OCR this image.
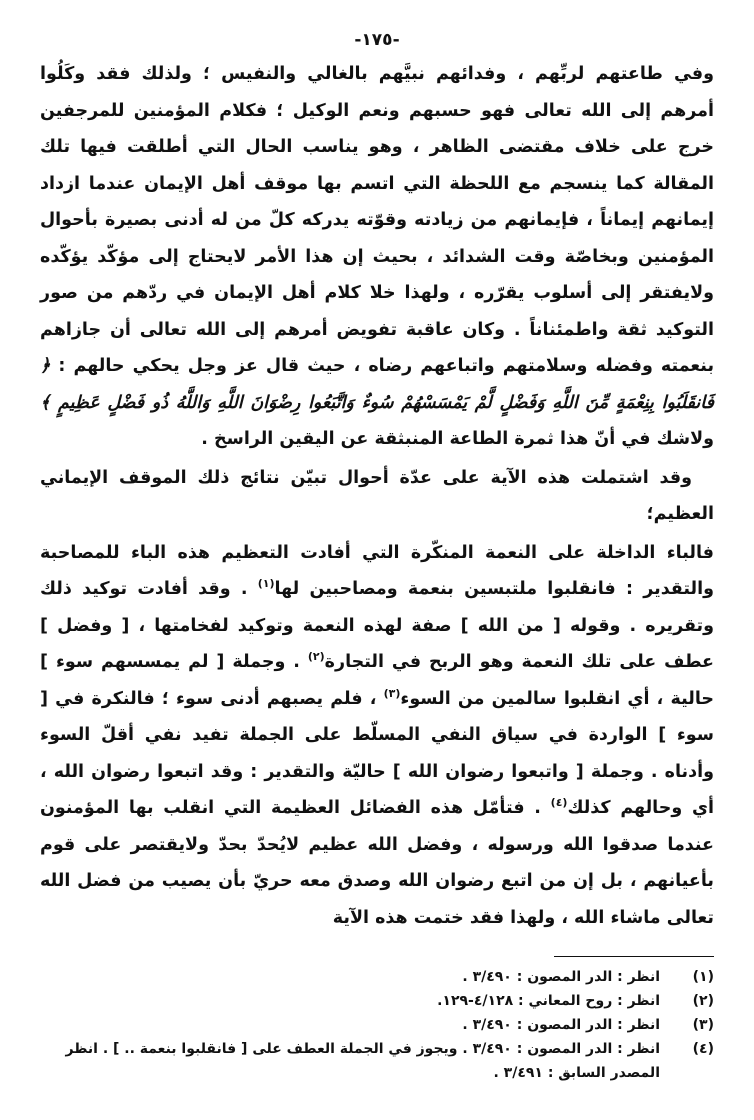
-١٧٥-

وفي طاعتهم لربِّهم ، وفدائهم نبيَّهم بالغالي والنفيس ؛ ولذلك فقد وكَلُوا أمرهم إلى الله تعالى فهو حسبهم ونعم الوكيل ؛ فكلام المؤمنين للمرجفين خرج على خلاف مقتضى الظاهر ، وهو يناسب الحال التي أطلقت فيها تلك المقالة كما ينسجم مع اللحظة التي اتسم بها موقف أهل الإيمان عندما ازداد إيمانهم إيماناً ، فإيمانهم من زيادته وقوّته يدركه كلّ من له أدنى بصيرة بأحوال المؤمنين وبخاصّة وقت الشدائد ، بحيث إن هذا الأمر لايحتاج إلى مؤكّد يؤكّده ولايفتقر إلى أسلوب يقرّره ، ولهذا خلا كلام أهل الإيمان في ردّهم من صور التوكيد ثقة واطمئناناً . وكان عاقبة تفويض أمرهم إلى الله تعالى أن جازاهم بنعمته وفضله وسلامتهم واتباعهم رضاه ، حيث قال عز وجل يحكي حالهم : ﴿ فَانقَلَبُوا بِنِعْمَةٍ مِّنَ اللَّهِ وَفَضْلٍ لَّمْ يَمْسَسْهُمْ سُوءٌ وَاتَّبَعُوا رِضْوَانَ اللَّهِ وَاللَّهُ ذُو فَضْلٍ عَظِيمٍ ﴾ ولاشك في أنّ هذا ثمرة الطاعة المنبثقة عن اليقين الراسخ .

وقد اشتملت هذه الآية على عدّة أحوال تبيّن نتائج ذلك الموقف الإيماني العظيم؛

فالباء الداخلة على النعمة المنكّرة التي أفادت التعظيم هذه الباء للمصاحبة والتقدير : فانقلبوا ملتبسين بنعمة ومصاحبين لها$^{(١)}$ . وقد أفادت توكيد ذلك وتقريره . وقوله [ من الله ] صفة لهذه النعمة وتوكيد لفخامتها ، [ وفضل ] عطف على تلك النعمة وهو الربح في التجارة$^{(٢)}$ . وجملة [ لم يمسسهم سوء ] حالية ، أي انقلبوا سالمين من السوء$^{(٣)}$ ، فلم يصبهم أدنى سوء ؛ فالنكرة في [ سوء ] الواردة في سياق النفي المسلّط على الجملة تفيد نفي أقلّ السوء وأدناه . وجملة [ واتبعوا رضوان الله ] حاليّة والتقدير : وقد اتبعوا رضوان الله ، أي وحالهم كذلك$^{(٤)}$ . فتأمّل هذه الفضائل العظيمة التي انقلب بها المؤمنون عندما صدقوا الله ورسوله ، وفضل الله عظيم لايُحدّ بحدّ ولايقتصر على قوم بأعيانهم ، بل إن من اتبع رضوان الله وصدق معه حريّ بأن يصيب من فضل الله تعالى ماشاء الله ، ولهذا فقد ختمت هذه الآية

(١)
انظر : الدر المصون : ٣/٤٩٠ .
(٢)
انظر : روح المعاني : ٤/١٢٨-١٢٩.
(٣)
انظر : الدر المصون : ٣/٤٩٠ .
(٤)
انظر : الدر المصون : ٣/٤٩٠ . ويجوز في الجملة العطف على [ فانقلبوا بنعمة .. ] . انظر المصدر السابق : ٣/٤٩١ .
